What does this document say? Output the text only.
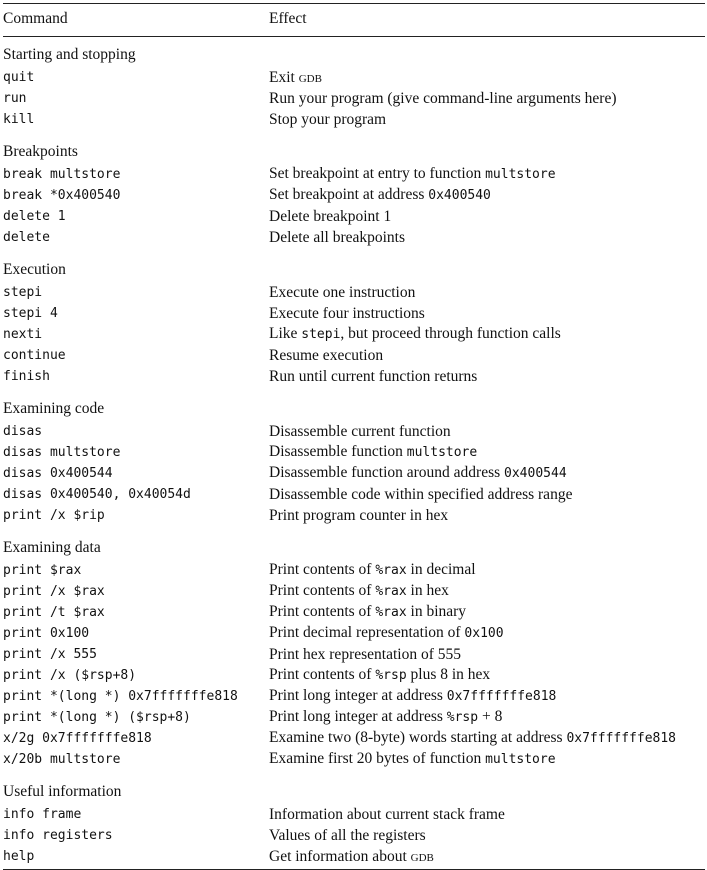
Command	Effect
Starting and stopping	
quit	Exit gdb
run	Run your program (give command-line arguments here)
kill	Stop your program
Breakpoints	
break multstore	Set breakpoint at entry to function multstore
break *0x400540	Set breakpoint at address 0x400540
delete 1	Delete breakpoint 1
delete	Delete all breakpoints
Execution	
stepi	Execute one instruction
stepi 4	Execute four instructions
nexti	Like stepi, but proceed through function calls
continue	Resume execution
finish	Run until current function returns
Examining code	
disas	Disassemble current function
disas multstore	Disassemble function multstore
disas 0x400544	Disassemble function around address 0x400544
disas 0x400540, 0x40054d	Disassemble code within specified address range
print /x $rip	Print program counter in hex
Examining data	
print $rax	Print contents of %rax in decimal
print /x $rax	Print contents of %rax in hex
print /t $rax	Print contents of %rax in binary
print 0x100	Print decimal representation of 0x100
print /x 555	Print hex representation of 555
print /x ($rsp+8)	Print contents of %rsp plus 8 in hex
print *(long *) 0x7fffffffe818	Print long integer at address 0x7fffffffe818
print *(long *) ($rsp+8)	Print long integer at address %rsp + 8
x/2g 0x7fffffffe818	Examine two (8-byte) words starting at address 0x7fffffffe818
x/20b multstore	Examine first 20 bytes of function multstore
Useful information	
info frame	Information about current stack frame
info registers	Values of all the registers
help	Get information about gdb
